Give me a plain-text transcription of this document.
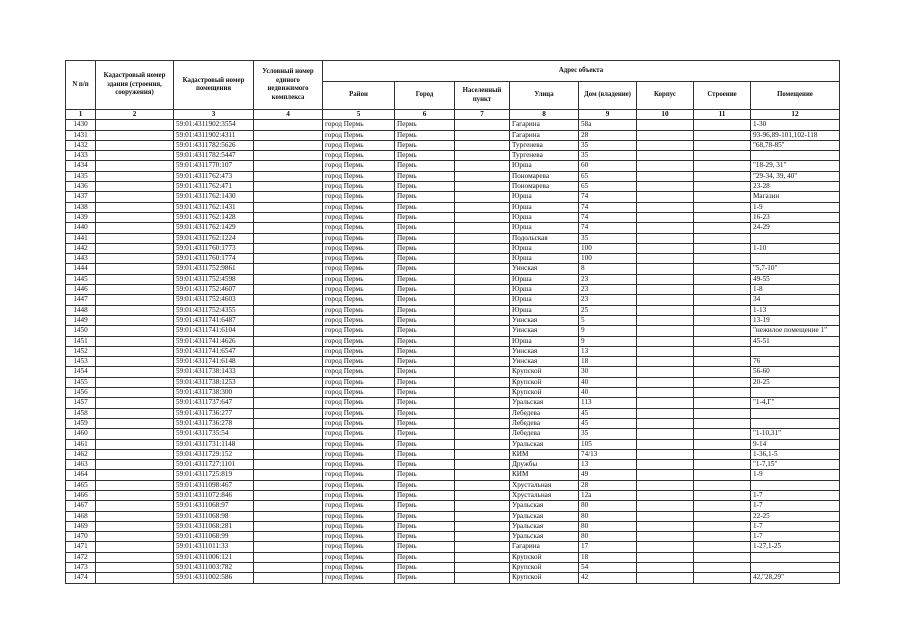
N п/п	Кадастровый номер здания (строения, сооружения)	Кадастровый номер помещения	Условный номер единого недвижимого комплекса	Адрес объекта							
				Район	Город	Населенный пункт	Улица	Дом (владение)	Корпус	Строение	Помещение
1	2	3	4	5	6	7	8	9	10	11	12
1430		59:01:4311902:3554		город Пермь	Пермь		Гагарина	58а			1-30
1431		59:01:4311902:4311		город Пермь	Пермь		Гагарина	28			93-96,89-101,102-118
1432		59:01:4311782:5626		город Пермь	Пермь		Тургенева	35			"68,78-85"
1433		59:01:4311782:5447		город Пермь	Пермь		Тургенева	35			
1434		59:01:4311770:107		город Пермь	Пермь		Юрша	60			"18-29, 31"
1435		59:01:4311762:473		город Пермь	Пермь		Пономарева	65			"29-34, 39, 40"
1436		59:01:4311762:471		город Пермь	Пермь		Пономарева	65			23-28
1437		59:01:4311762:1430		город Пермь	Пермь		Юрша	74			Магазин
1438		59:01:4311762:1431		город Пермь	Пермь		Юрша	74			1-9
1439		59:01:4311762:1428		город Пермь	Пермь		Юрша	74			16-23
1440		59:01:4311762:1429		город Пермь	Пермь		Юрша	74			24-29
1441		59:01:4311762:1224		город Пермь	Пермь		Подольская	35			
1442		59:01:4311760:1773		город Пермь	Пермь		Юрша	100			1-10
1443		59:01:4311760:1774		город Пермь	Пермь		Юрша	100			
1444		59:01:4311752:9861		город Пермь	Пермь		Уинская	8			"5,7-10"
1445		59:01:4311752:4598		город Пермь	Пермь		Юрша	23			49-55
1446		59:01:4311752:4607		город Пермь	Пермь		Юрша	23			1-8
1447		59:01:4311752:4603		город Пермь	Пермь		Юрша	23			34
1448		59:01:4311752:4355		город Пермь	Пермь		Юрша	25			1-13
1449		59:01:4311741:6487		город Пермь	Пермь		Уинская	5			13-19
1450		59:01:4311741:6104		город Пермь	Пермь		Уинская	9			"нежилое помещение 1"
1451		59:01:4311741:4626		город Пермь	Пермь		Юрша	9			45-51
1452		59:01:4311741:6547		город Пермь	Пермь		Уинская	13			
1453		59:01:4311741:6148		город Пермь	Пермь		Уинская	18			76
1454		59:01:4311738:1433		город Пермь	Пермь		Крупской	30			56-60
1455		59:01:4311738:1253		город Пермь	Пермь		Крупской	40			20-25
1456		59:01:4311738:300		город Пермь	Пермь		Крупской	40			
1457		59:01:4311737:647		город Пермь	Пермь		Уральская	113			"1-4,Г"
1458		59:01:4311736:277		город Пермь	Пермь		Лебедева	45			
1459		59:01:4311736:278		город Пермь	Пермь		Лебедева	45			
1460		59:01:4311735:54		город Пермь	Пермь		Лебедева	35			"1-10,31"
1461		59:01:4311731:1148		город Пермь	Пермь		Уральская	105			9-14
1462		59:01:4311729:152		город Пермь	Пермь		КИМ	74/13			1-36,1-5
1463		59:01:4311727:1101		город Пермь	Пермь		Дружбы	13			"1-7,15"
1464		59:01:4311725:819		город Пермь	Пермь		КИМ	49			1-9
1465		59:01:4311098:467		город Пермь	Пермь		Хрустальная	28			
1466		59:01:4311072:846		город Пермь	Пермь		Хрустальная	12а			1-7
1467		59:01:4311068:97		город Пермь	Пермь		Уральская	80			1-7
1468		59:01:4311068:98		город Пермь	Пермь		Уральская	80			22-25
1469		59:01:4311068:281		город Пермь	Пермь		Уральская	80			1-7
1470		59:01:4311068:99		город Пермь	Пермь		Уральская	80			1-7
1471		59:01:4311011:33		город Пермь	Пермь		Гагарина	17			1-27,1-25
1472		59:01:4311006:121		город Пермь	Пермь		Крупской	18			
1473		59:01:4311003:782		город Пермь	Пермь		Крупской	54			
1474		59:01:4311002:586		город Пермь	Пермь		Крупской	42			42,"28,29"
